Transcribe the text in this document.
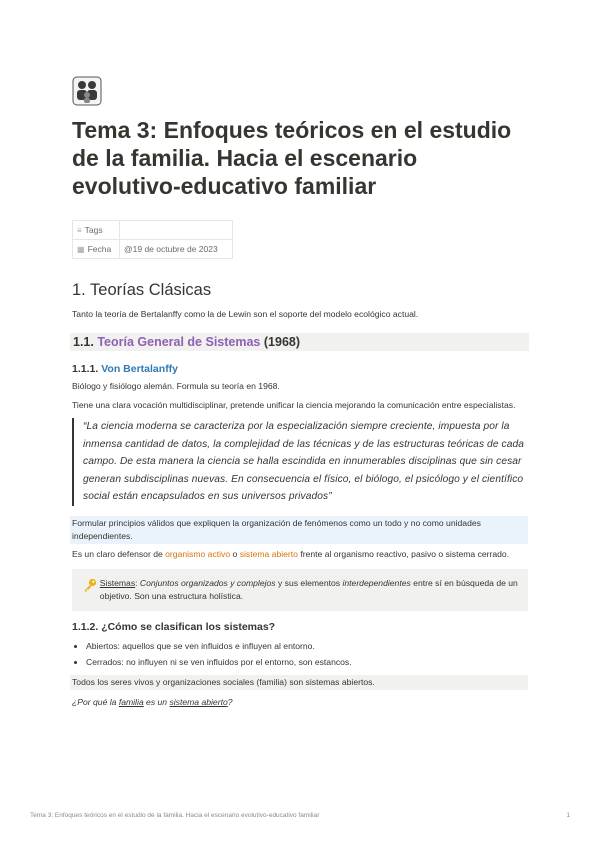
Tema 3: Enfoques teóricos en el estudio de la familia. Hacia el escenario evolutivo-educativo familiar
≡ Tags	
▦ Fecha	@19 de octubre de 2023
1. Teorías Clásicas

Tanto la teoría de Bertalanffy como la de Lewin son el soporte del modelo ecológico actual.

1.1. Teoría General de Sistemas (1968)
1.1.1. Von Bertalanffy

Biólogo y fisiólogo alemán. Formula su teoría en 1968.

Tiene una clara vocación multidisciplinar, pretende unificar la ciencia mejorando la comunicación entre especialistas.

“La ciencia moderna se caracteriza por la especialización siempre creciente, impuesta por la inmensa cantidad de datos, la complejidad de las técnicas y de las estructuras teóricas de cada campo. De esta manera la ciencia se halla escindida en innumerables disciplinas que sin cesar generan subdisciplinas nuevas. En consecuencia el físico, el biólogo, el psicólogo y el científico social están encapsulados en sus universos privados”

Formular principios válidos que expliquen la organización de fenómenos como un todo y no como unidades independientes.

Es un claro defensor de organismo activo o sistema abierto frente al organismo reactivo, pasivo o sistema cerrado.

Sistemas: Conjuntos organizados y complejos y sus elementos interdependientes entre sí en búsqueda de un objetivo. Son una estructura holística.

1.1.2. ¿Cómo se clasifican los sistemas?
• Abiertos: aquellos que se ven influidos e influyen al entorno.
• Cerrados: no influyen ni se ven influidos por el entorno, son estancos.

Todos los seres vivos y organizaciones sociales (familia) son sistemas abiertos.

¿Por qué la familia es un sistema abierto?

Tema 3: Enfoques teóricos en el estudio de la familia. Hacia el escenario evolutivo-educativo familiar	1
